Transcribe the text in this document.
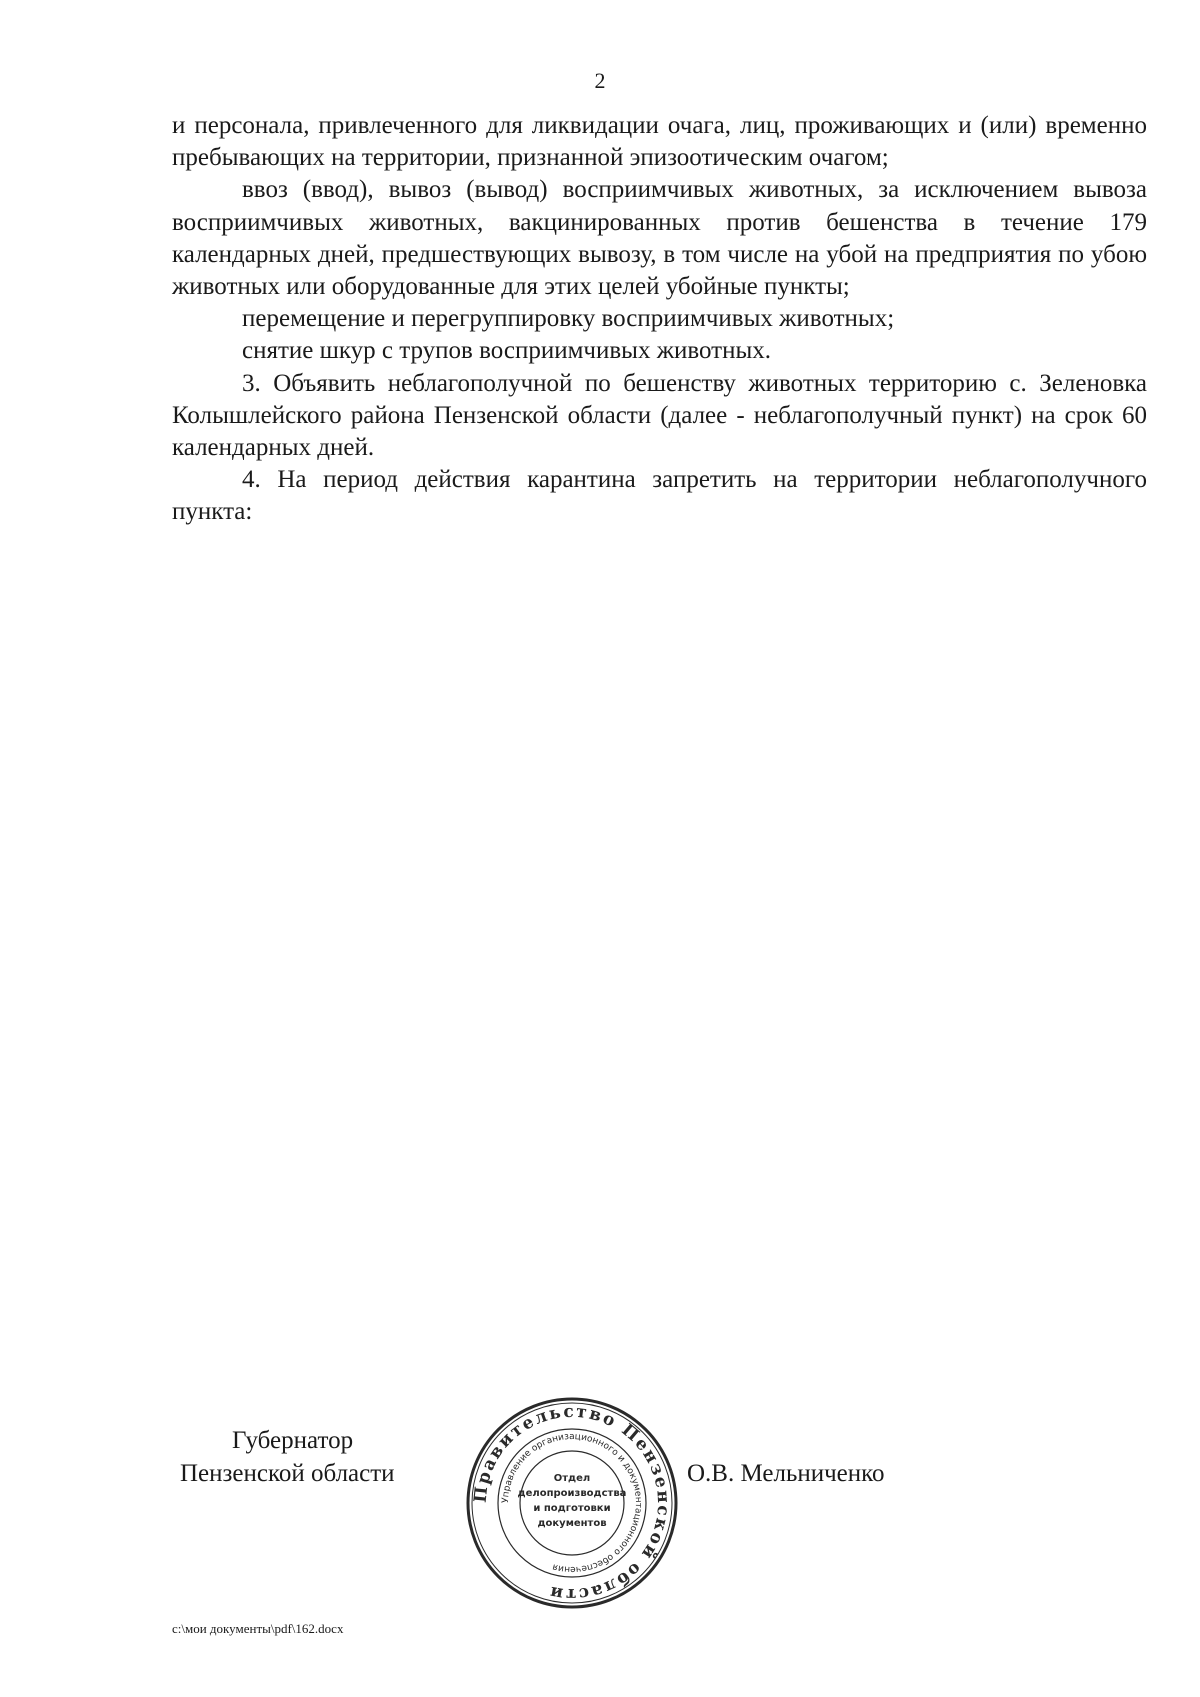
2

и персонала, привлеченного для ликвидации очага, лиц, проживающих и (или) временно пребывающих на территории, признанной эпизоотическим очагом;

ввоз (ввод), вывоз (вывод) восприимчивых животных, за исключением вывоза восприимчивых животных, вакцинированных против бешенства в течение 179 календарных дней, предшествующих вывозу, в том числе на убой на предприятия по убою животных или оборудованные для этих целей убойные пункты;

перемещение и перегруппировку восприимчивых животных;

снятие шкур с трупов восприимчивых животных.

3. Объявить неблагополучной по бешенству животных территорию с. Зеленовка Колышлейского района Пензенской области (далее - неблагополучный пункт) на срок 60 календарных дней.

4. На период действия карантина запретить на территории неблагополучного пункта:

Губернатор
Пензенской области	О.В. Мельниченко
Правительство Пензенской области
Управление организационного и документационного обеспечения
Отдел
делопроизводства
и подготовки
документов
c:\мои документы\pdf\162.docx
